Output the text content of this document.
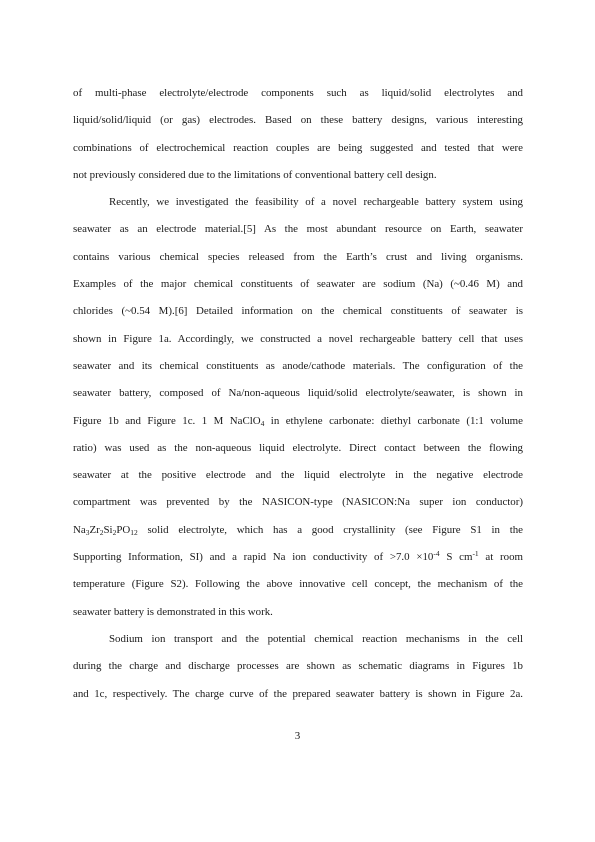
of multi-phase electrolyte/electrode components such as liquid/solid electrolytes and
liquid/solid/liquid (or gas) electrodes. Based on these battery designs, various interesting
combinations of electrochemical reaction couples are being suggested and tested that were
not previously considered due to the limitations of conventional battery cell design.
Recently, we investigated the feasibility of a novel rechargeable battery system using
seawater as an electrode material.[5] As the most abundant resource on Earth, seawater
contains various chemical species released from the Earth’s crust and living organisms.
Examples of the major chemical constituents of seawater are sodium (Na) (~0.46 M) and
chlorides (~0.54 M).[6] Detailed information on the chemical constituents of seawater is
shown in Figure 1a. Accordingly, we constructed a novel rechargeable battery cell that uses
seawater and its chemical constituents as anode/cathode materials. The configuration of the
seawater battery, composed of Na/non-aqueous liquid/solid electrolyte/seawater, is shown in
Figure 1b and Figure 1c. 1 M NaClO$_4$ in ethylene carbonate: diethyl carbonate (1:1 volume
ratio) was used as the non-aqueous liquid electrolyte. Direct contact between the flowing
seawater at the positive electrode and the liquid electrolyte in the negative electrode
compartment was prevented by the NASICON-type (NASICON:Na super ion conductor)
$Na_3Zr_2Si_2PO_{12}$ solid electrolyte, which has a good crystallinity (see Figure S1 in the
Supporting Information, SI) and a rapid Na ion conductivity of $>7.0 \times 10^{-4}$ S $cm^{-1}$ at room
temperature (Figure S2). Following the above innovative cell concept, the mechanism of the
seawater battery is demonstrated in this work.
Sodium ion transport and the potential chemical reaction mechanisms in the cell
during the charge and discharge processes are shown as schematic diagrams in Figures 1b
and 1c, respectively. The charge curve of the prepared seawater battery is shown in Figure 2a.
3
